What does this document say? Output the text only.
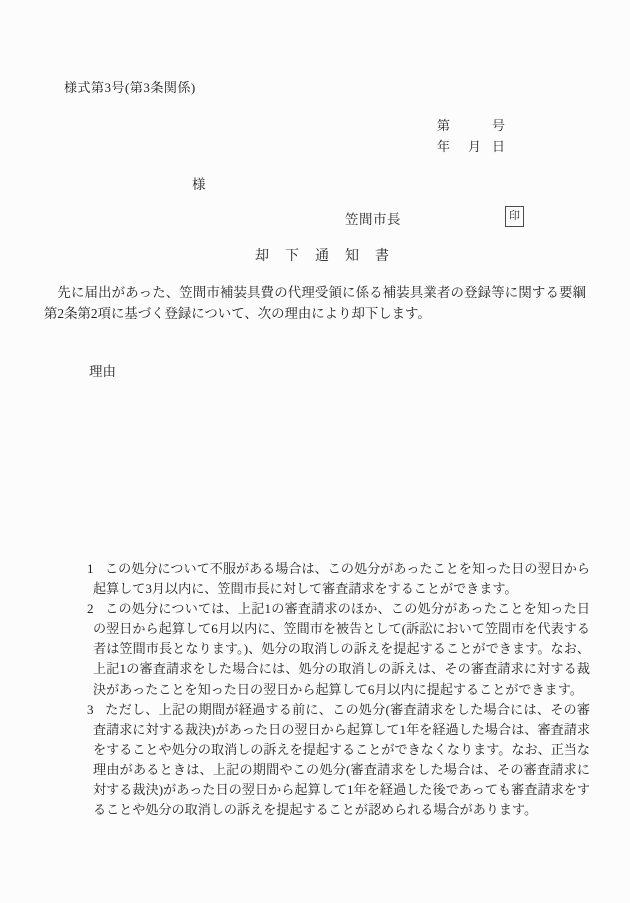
様式第3号(第3条関係)
第	号
年 月 日
様
笠間市長	印
却下通知書
先に届出があった、笠間市補装具費の代理受領に係る補装具業者の登録等に関する要綱第2条第2項に基づく登録について、次の理由により却下します。
理由
1 この処分について不服がある場合は、この処分があったことを知った日の翌日から起算して3月以内に、笠間市長に対して審査請求をすることができます。
2 この処分については、上記1の審査請求のほか、この処分があったことを知った日の翌日から起算して6月以内に、笠間市を被告として(訴訟において笠間市を代表する者は笠間市長となります。)、処分の取消しの訴えを提起することができます。なお、上記1の審査請求をした場合には、処分の取消しの訴えは、その審査請求に対する裁決があったことを知った日の翌日から起算して6月以内に提起することができます。
3 ただし、上記の期間が経過する前に、この処分(審査請求をした場合には、その審査請求に対する裁決)があった日の翌日から起算して1年を経過した場合は、審査請求をすることや処分の取消しの訴えを提起することができなくなります。なお、正当な理由があるときは、上記の期間やこの処分(審査請求をした場合は、その審査請求に対する裁決)があった日の翌日から起算して1年を経過した後であっても審査請求をすることや処分の取消しの訴えを提起することが認められる場合があります。
